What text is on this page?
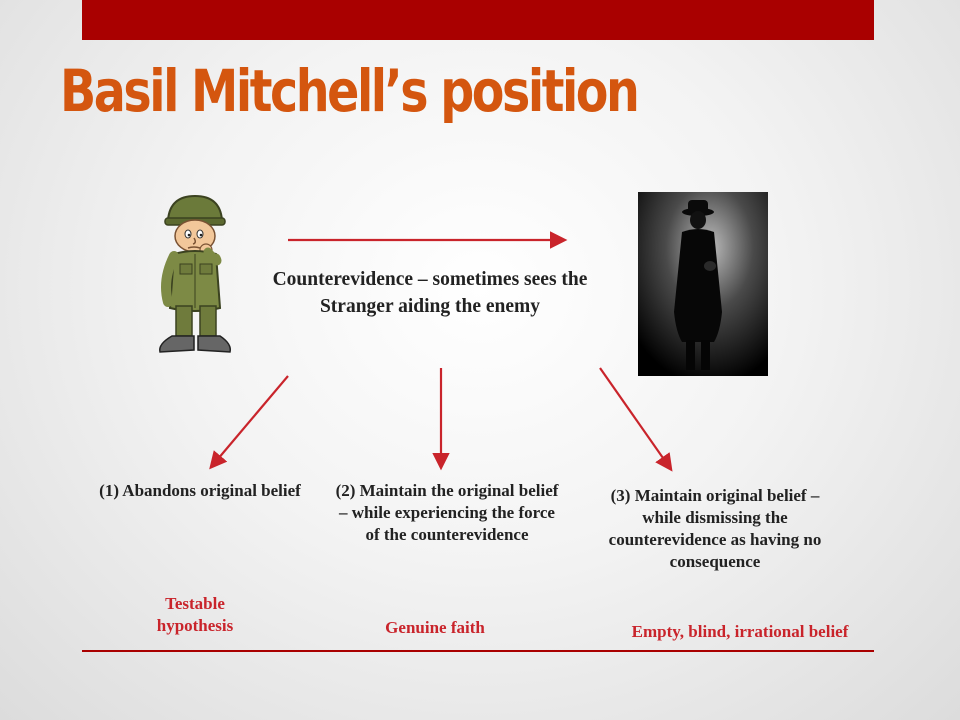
Basil Mitchell’s position
Counterevidence – sometimes sees the Stranger aiding the enemy
(1) Abandons original belief	(2) Maintain the original belief – while experiencing the force of the counterevidence
(3) Maintain original belief – while dismissing the counterevidence as having no consequence
Testable hypothesis	Genuine faith	Empty, blind, irrational belief
